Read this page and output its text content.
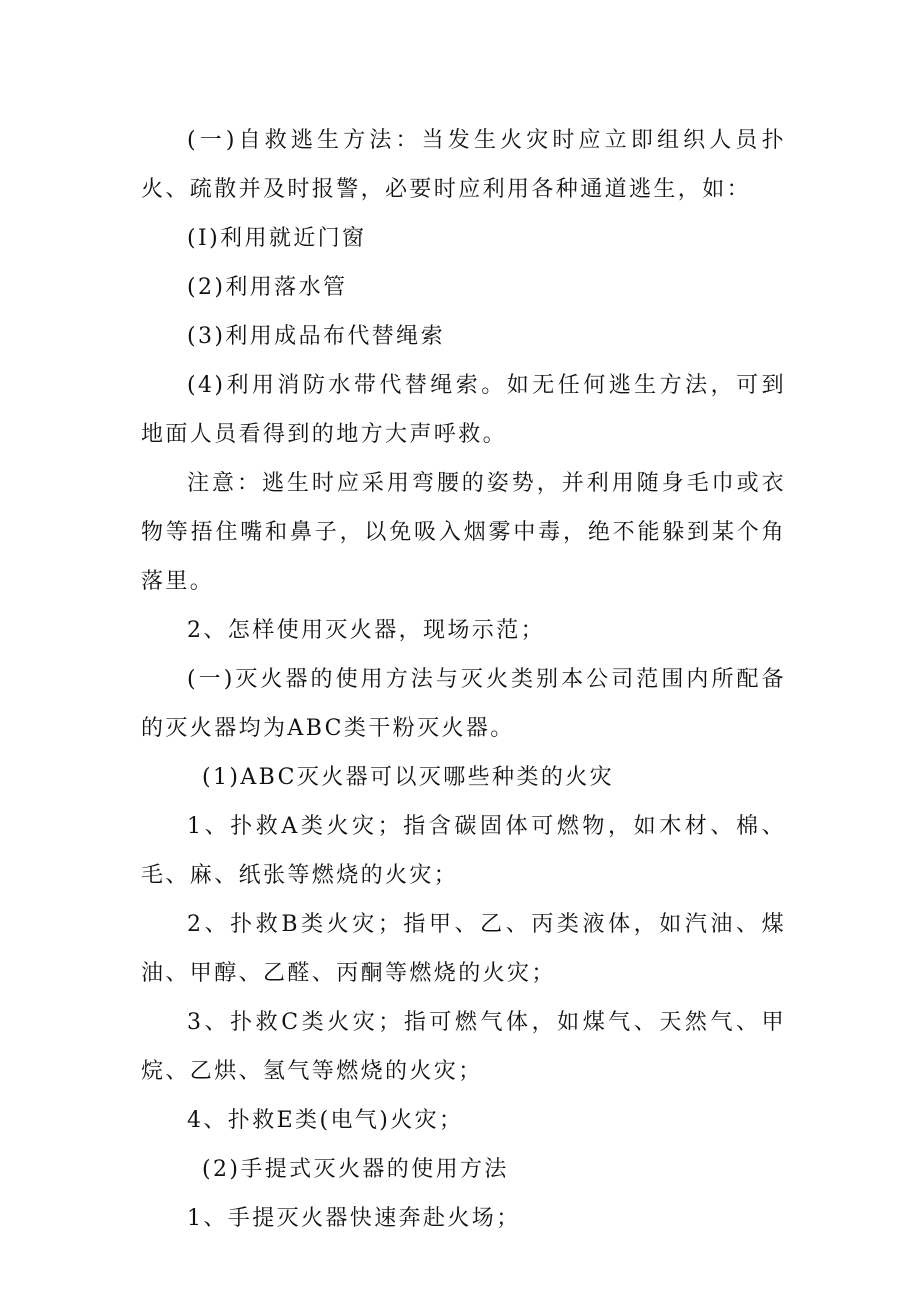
(一)自救逃生方法：当发生火灾时应立即组织人员扑火、疏散并及时报警，必要时应利用各种通道逃生，如：

(I)利用就近门窗

(2)利用落水管

(3)利用成品布代替绳索

(4)利用消防水带代替绳索。如无任何逃生方法，可到地面人员看得到的地方大声呼救。

注意：逃生时应采用弯腰的姿势，并利用随身毛巾或衣物等捂住嘴和鼻子，以免吸入烟雾中毒，绝不能躲到某个角落里。

2、怎样使用灭火器，现场示范；

(一)灭火器的使用方法与灭火类别本公司范围内所配备的灭火器均为ABC类干粉灭火器。

(1)ABC灭火器可以灭哪些种类的火灾

1、扑救A类火灾；指含碳固体可燃物，如木材、棉、毛、麻、纸张等燃烧的火灾；

2、扑救B类火灾；指甲、乙、丙类液体，如汽油、煤油、甲醇、乙醛、丙酮等燃烧的火灾；

3、扑救C类火灾；指可燃气体，如煤气、天然气、甲烷、乙烘、氢气等燃烧的火灾；

4、扑救E类(电气)火灾；

(2)手提式灭火器的使用方法

1、手提灭火器快速奔赴火场；
